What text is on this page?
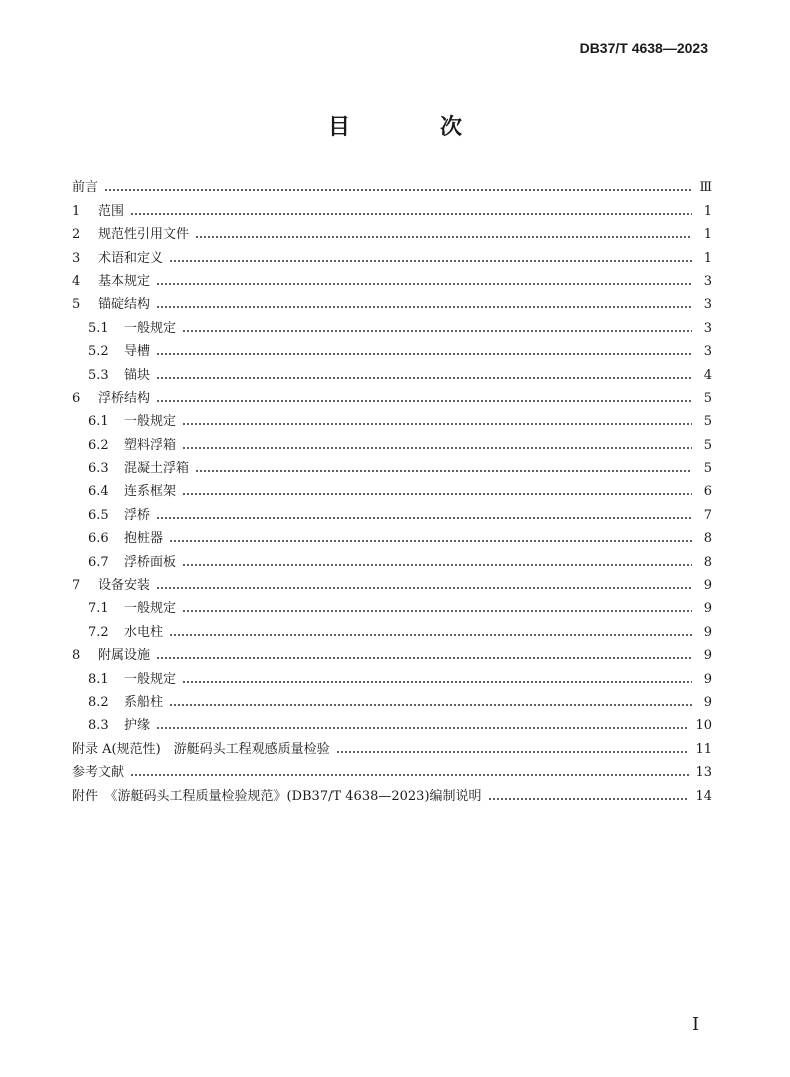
DB37/T 4638—2023
目　次
前言	Ⅲ
1	范围	1
2	规范性引用文件	1
3	术语和定义	1
4	基本规定	3
5	锚碇结构	3
5.1	一般规定	3
5.2	导槽	3
5.3	锚块	4
6	浮桥结构	5
6.1	一般规定	5
6.2	塑料浮箱	5
6.3	混凝土浮箱	5
6.4	连系框架	6
6.5	浮桥	7
6.6	抱桩器	8
6.7	浮桥面板	8
7	设备安装	9
7.1	一般规定	9
7.2	水电柱	9
8	附属设施	9
8.1	一般规定	9
8.2	系船柱	9
8.3	护缘	10
附录 A(规范性)　游艇码头工程观感质量检验	11
参考文献	13
附件　《游艇码头工程质量检验规范》(DB37/T 4638—2023)编制说明	14
I
